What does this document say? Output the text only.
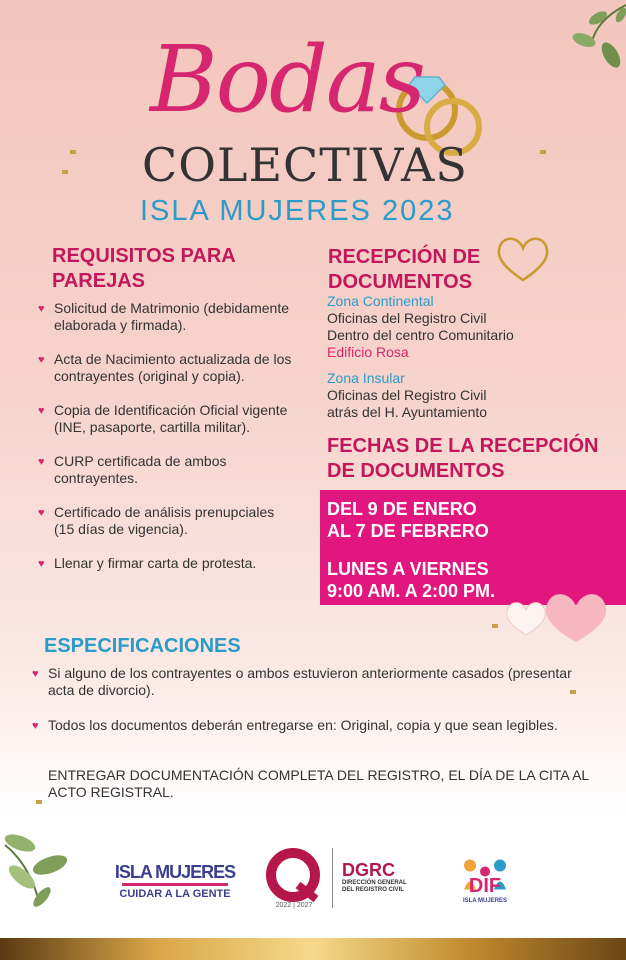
Bodas
COLECTIVAS
ISLA MUJERES 2023
REQUISITOS PARA PAREJAS
♥ Solicitud de Matrimonio (debidamente elaborada y firmada).
♥ Acta de Nacimiento actualizada de los contrayentes (original y copia).
♥ Copia de Identificación Oficial vigente (INE, pasaporte, cartilla militar).
♥ CURP certificada de ambos contrayentes.
♥ Certificado de análisis prenupciales (15 días de vigencia).
♥ Llenar y firmar carta de protesta.
RECEPCIÓN DE DOCUMENTOS
Zona Continental
Oficinas del Registro Civil
Dentro del centro Comunitario
Edificio Rosa
Zona Insular
Oficinas del Registro Civil
atrás del H. Ayuntamiento
FECHAS DE LA RECEPCIÓN DE DOCUMENTOS
DEL 9 DE ENERO
AL 7 DE FEBRERO
LUNES A VIERNES
9:00 AM. A 2:00 PM.
ESPECIFICACIONES
♥ Si alguno de los contrayentes o ambos estuvieron anteriormente casados (presentar acta de divorcio).
♥ Todos los documentos deberán entregarse en: Original, copia y que sean legibles.
ENTREGAR DOCUMENTACIÓN COMPLETA DEL REGISTRO, EL DÍA DE LA CITA AL ACTO REGISTRAL.
ISLA MUJERES
CUIDAR A LA GENTE
2022 | 2027
DGRC
DIRECCIÓN GENERAL
DEL REGISTRO CIVIL	DIF
ISLA MUJERES
